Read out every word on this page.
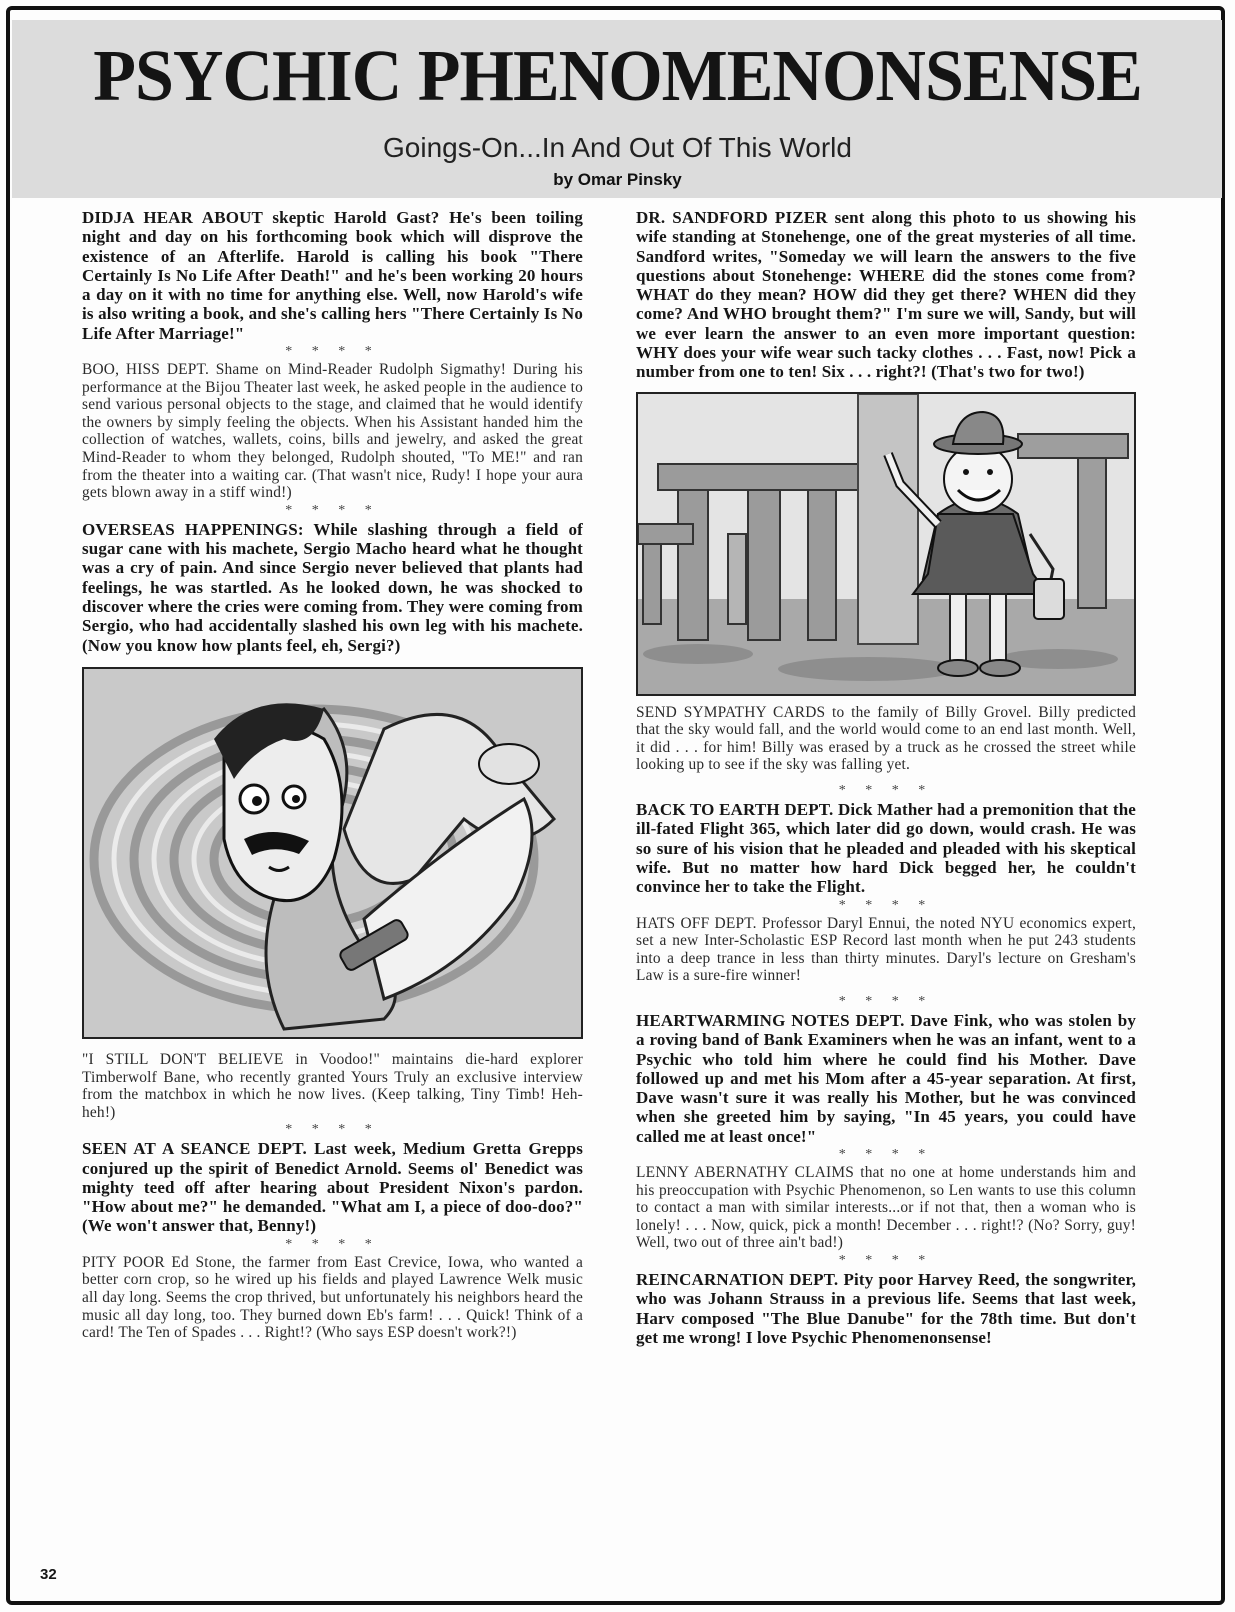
PSYCHIC PHENOMENONSENSE
Goings-On...In And Out Of This World
by Omar Pinsky

DIDJA HEAR ABOUT skeptic Harold Gast? He's been toiling night and day on his forthcoming book which will disprove the existence of an Afterlife. Harold is calling his book "There Certainly Is No Life After Death!" and he's been working 20 hours a day on it with no time for anything else. Well, now Harold's wife is also writing a book, and she's calling hers "There Certainly Is No Life After Marriage!"

* * * *

BOO, HISS DEPT. Shame on Mind-Reader Rudolph Sigmathy! During his performance at the Bijou Theater last week, he asked people in the audience to send various personal objects to the stage, and claimed that he would identify the owners by simply feeling the objects. When his Assistant handed him the collection of watches, wallets, coins, bills and jewelry, and asked the great Mind-Reader to whom they belonged, Rudolph shouted, "To ME!" and ran from the theater into a waiting car. (That wasn't nice, Rudy! I hope your aura gets blown away in a stiff wind!)

* * * *

OVERSEAS HAPPENINGS: While slashing through a field of sugar cane with his machete, Sergio Macho heard what he thought was a cry of pain. And since Sergio never believed that plants had feelings, he was startled. As he looked down, he was shocked to discover where the cries were coming from. They were coming from Sergio, who had accidentally slashed his own leg with his machete. (Now you know how plants feel, eh, Sergi?)

"I STILL DON'T BELIEVE in Voodoo!" maintains die-hard explorer Timberwolf Bane, who recently granted Yours Truly an exclusive interview from the matchbox in which he now lives. (Keep talking, Tiny Timb! Heh-heh!)

* * * *

SEEN AT A SEANCE DEPT. Last week, Medium Gretta Grepps conjured up the spirit of Benedict Arnold. Seems ol' Benedict was mighty teed off after hearing about President Nixon's pardon. "How about me?" he demanded. "What am I, a piece of doo-doo?" (We won't answer that, Benny!)

* * * *

PITY POOR Ed Stone, the farmer from East Crevice, Iowa, who wanted a better corn crop, so he wired up his fields and played Lawrence Welk music all day long. Seems the crop thrived, but unfortunately his neighbors heard the music all day long, too. They burned down Eb's farm! . . . Quick! Think of a card! The Ten of Spades . . . Right!? (Who says ESP doesn't work?!)

DR. SANDFORD PIZER sent along this photo to us showing his wife standing at Stonehenge, one of the great mysteries of all time. Sandford writes, "Someday we will learn the answers to the five questions about Stonehenge: WHERE did the stones come from? WHAT do they mean? HOW did they get there? WHEN did they come? And WHO brought them?" I'm sure we will, Sandy, but will we ever learn the answer to an even more important question: WHY does your wife wear such tacky clothes . . . Fast, now! Pick a number from one to ten! Six . . . right?! (That's two for two!)

SEND SYMPATHY CARDS to the family of Billy Grovel. Billy predicted that the sky would fall, and the world would come to an end last month. Well, it did . . . for him! Billy was erased by a truck as he crossed the street while looking up to see if the sky was falling yet.

* * * *

BACK TO EARTH DEPT. Dick Mather had a premonition that the ill-fated Flight 365, which later did go down, would crash. He was so sure of his vision that he pleaded and pleaded with his skeptical wife. But no matter how hard Dick begged her, he couldn't convince her to take the Flight.

* * * *

HATS OFF DEPT. Professor Daryl Ennui, the noted NYU economics expert, set a new Inter-Scholastic ESP Record last month when he put 243 students into a deep trance in less than thirty minutes. Daryl's lecture on Gresham's Law is a sure-fire winner!

* * * *

HEARTWARMING NOTES DEPT. Dave Fink, who was stolen by a roving band of Bank Examiners when he was an infant, went to a Psychic who told him where he could find his Mother. Dave followed up and met his Mom after a 45-year separation. At first, Dave wasn't sure it was really his Mother, but he was convinced when she greeted him by saying, "In 45 years, you could have called me at least once!"

* * * *

LENNY ABERNATHY CLAIMS that no one at home understands him and his preoccupation with Psychic Phenomenon, so Len wants to use this column to contact a man with similar interests...or if not that, then a woman who is lonely! . . . Now, quick, pick a month! December . . . right!? (No? Sorry, guy! Well, two out of three ain't bad!)

* * * *

REINCARNATION DEPT. Pity poor Harvey Reed, the songwriter, who was Johann Strauss in a previous life. Seems that last week, Harv composed "The Blue Danube" for the 78th time. But don't get me wrong! I love Psychic Phenomenonsense!

32
